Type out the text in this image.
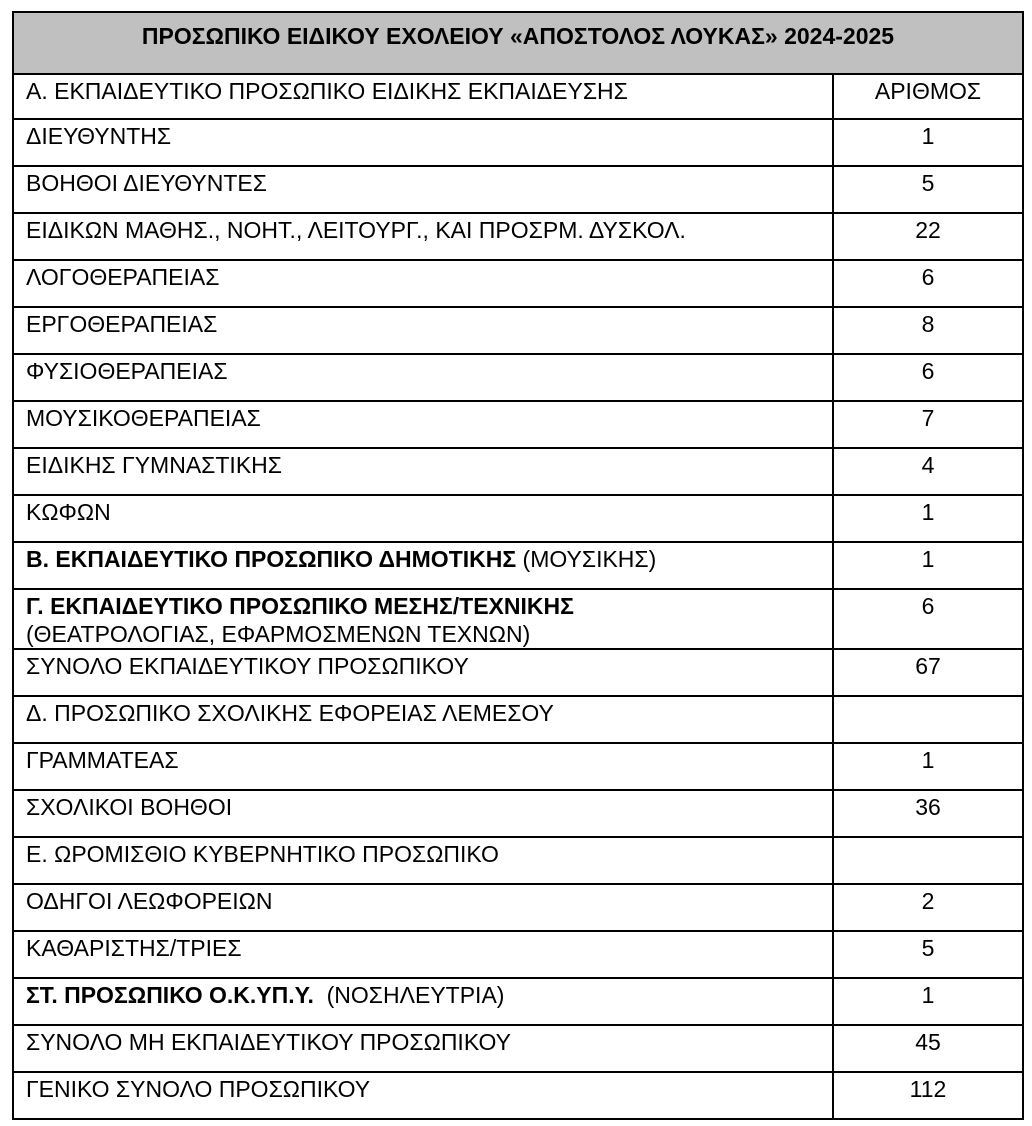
ΠΡΟΣΩΠΙΚΟ ΕΙΔΙΚΟΥ ΕΧΟΛΕΙΟΥ «ΑΠΟΣΤΟΛΟΣ ΛΟΥΚΑΣ» 2024-2025	

Α. ΕΚΠΑΙΔΕΥΤΙΚΟ ΠΡΟΣΩΠΙΚΟ ΕΙΔΙΚΗΣ ΕΚΠΑΙΔΕΥΣΗΣ	ΑΡΙΘΜΟΣ

ΔΙΕΥΘΥΝΤΗΣ	1

ΒΟΗΘΟΙ ΔΙΕΥΘΥΝΤΕΣ	5

ΕΙΔΙΚΩΝ ΜΑΘΗΣ., ΝΟΗΤ., ΛΕΙΤΟΥΡΓ., ΚΑΙ ΠΡΟΣΡΜ. ΔΥΣΚΟΛ.	22

ΛΟΓΟΘΕΡΑΠΕΙΑΣ	6

ΕΡΓΟΘΕΡΑΠΕΙΑΣ	8

ΦΥΣΙΟΘΕΡΑΠΕΙΑΣ	6

ΜΟΥΣΙΚΟΘΕΡΑΠΕΙΑΣ	7

ΕΙΔΙΚΗΣ ΓΥΜΝΑΣΤΙΚΗΣ	4

ΚΩΦΩΝ	1

Β. ΕΚΠΑΙΔΕΥΤΙΚΟ ΠΡΟΣΩΠΙΚΟ ΔΗΜΟΤΙΚΗΣ (ΜΟΥΣΙΚΗΣ)	1

Γ. ΕΚΠΑΙΔΕΥΤΙΚΟ ΠΡΟΣΩΠΙΚΟ ΜΕΣΗΣ/ΤΕΧΝΙΚΗΣ
(ΘΕΑΤΡΟΛΟΓΙΑΣ, ΕΦΑΡΜΟΣΜΕΝΩΝ ΤΕΧΝΩΝ)	6

ΣΥΝΟΛΟ ΕΚΠΑΙΔΕΥΤΙΚΟΥ ΠΡΟΣΩΠΙΚΟΥ	67

Δ. ΠΡΟΣΩΠΙΚΟ ΣΧΟΛΙΚΗΣ ΕΦΟΡΕΙΑΣ ΛΕΜΕΣΟΥ	

ΓΡΑΜΜΑΤΕΑΣ	1

ΣΧΟΛΙΚΟΙ ΒΟΗΘΟΙ	36

Ε. ΩΡΟΜΙΣΘΙΟ ΚΥΒΕΡΝΗΤΙΚΟ ΠΡΟΣΩΠΙΚΟ	

ΟΔΗΓΟΙ ΛΕΩΦΟΡΕΙΩΝ	2

ΚΑΘΑΡΙΣΤΗΣ/ΤΡΙΕΣ	5

ΣΤ. ΠΡΟΣΩΠΙΚΟ Ο.Κ.ΥΠ.Υ.  (ΝΟΣΗΛΕΥΤΡΙΑ)	1

ΣΥΝΟΛΟ ΜΗ ΕΚΠΑΙΔΕΥΤΙΚΟΥ ΠΡΟΣΩΠΙΚΟΥ	45

ΓΕΝΙΚΟ ΣΥΝΟΛΟ ΠΡΟΣΩΠΙΚΟΥ	112
